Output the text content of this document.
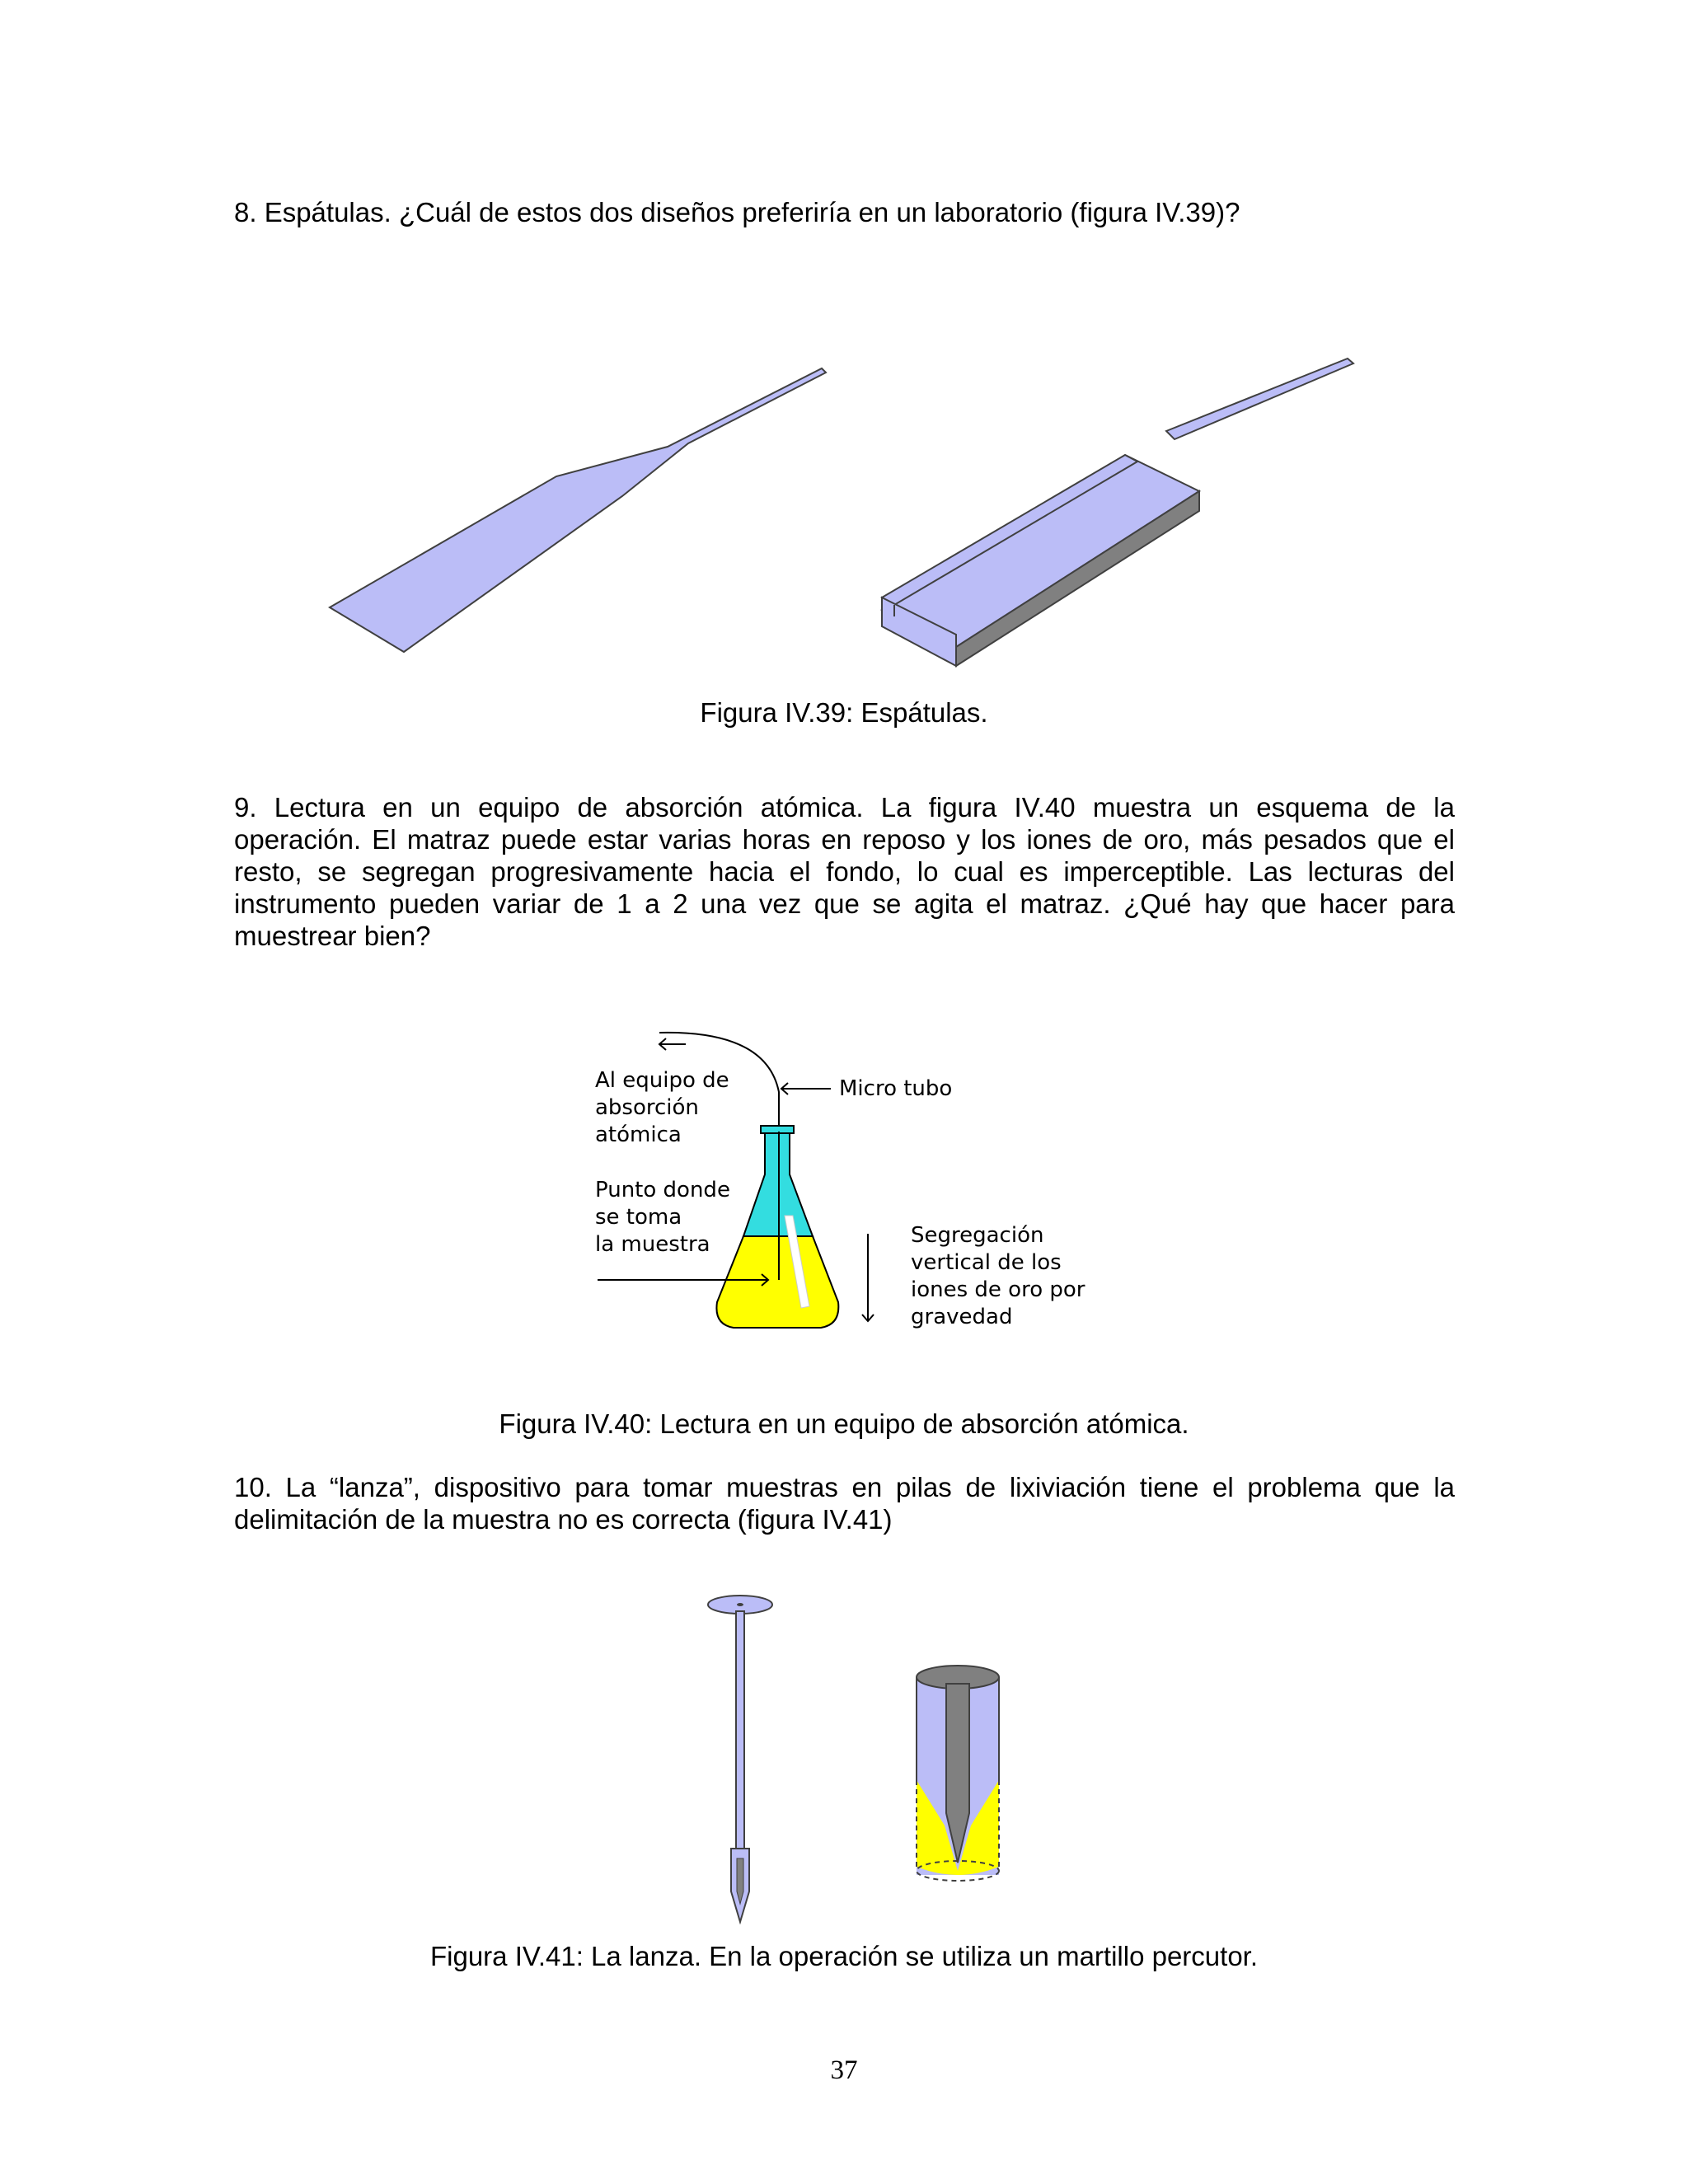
8. Espátulas. ¿Cuál de estos dos diseños preferiría en un laboratorio (figura IV.39)?

Figura IV.39: Espátulas.

9. Lectura en un equipo de absorción atómica. La figura IV.40 muestra un esquema de la
operación. El matraz puede estar varias horas en reposo y los iones de oro, más pesados que el
resto, se segregan progresivamente hacia el fondo, lo cual es imperceptible. Las lecturas del
instrumento pueden variar de 1 a 2 una vez que se agita el matraz. ¿Qué hay que hacer para
muestrear bien?

Al equipo de
absorción
atómica
Micro tubo
Punto donde
se toma
la muestra	Segregación
vertical de los
iones de oro por
gravedad

Figura IV.40: Lectura en un equipo de absorción atómica.

10. La “lanza”, dispositivo para tomar muestras en pilas de lixiviación tiene el problema que la
delimitación de la muestra no es correcta (figura IV.41)

Figura IV.41: La lanza. En la operación se utiliza un martillo percutor.

37
